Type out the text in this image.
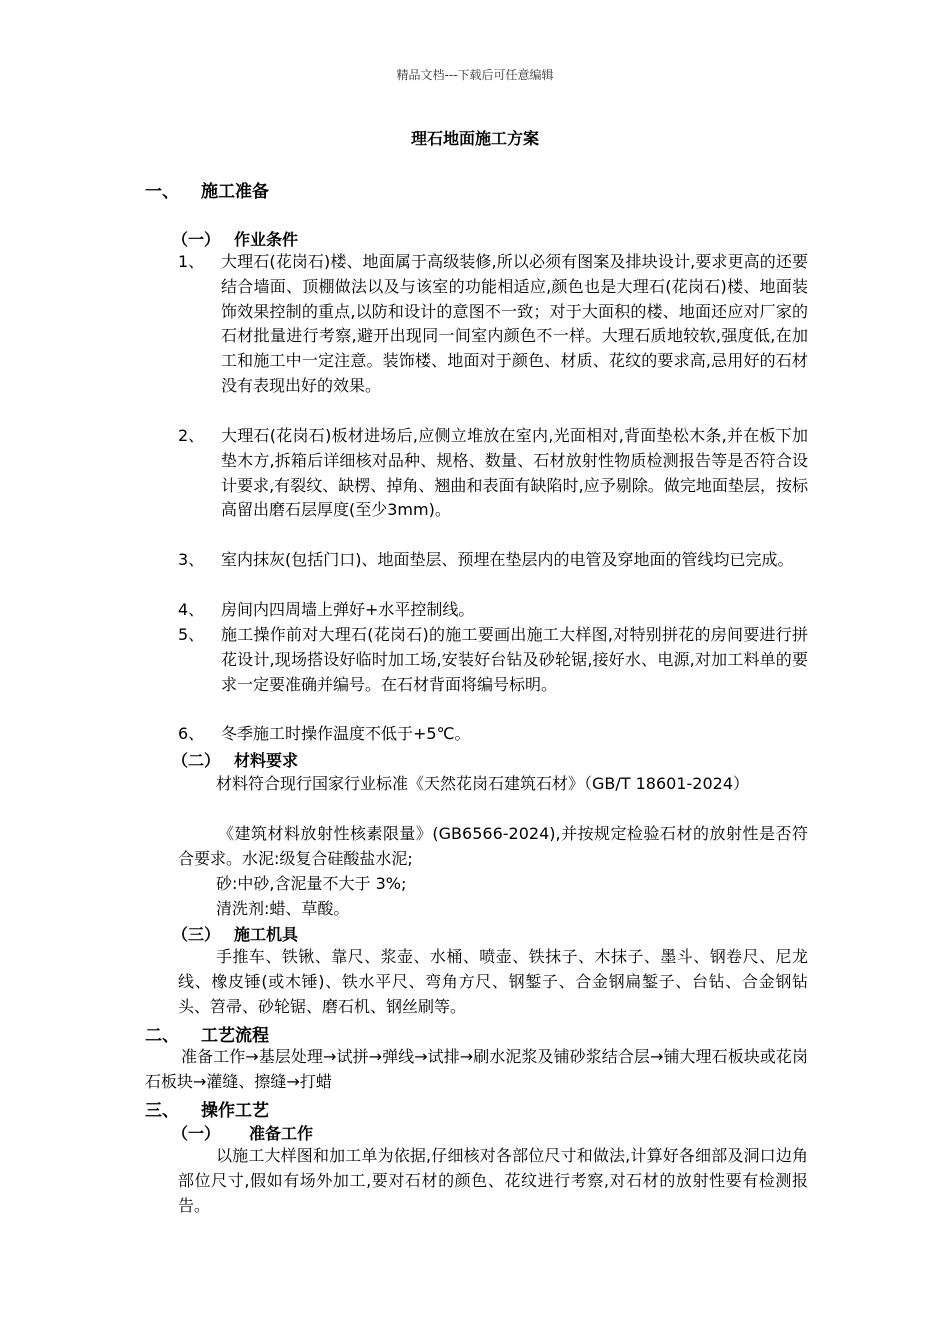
精品文档---下载后可任意编辑
理石地面施工方案
一、 施工准备
（一） 作业条件
1、	大理石(花岗石)楼、地面属于高级装修,所以必须有图案及排块设计,要求更高的还要结合墙面、顶棚做法以及与该室的功能相适应,颜色也是大理石(花岗石)楼、地面装饰效果控制的重点,以防和设计的意图不一致；对于大面积的楼、地面还应对厂家的石材批量进行考察,避开出现同一间室内颜色不一样。大理石质地较软,强度低,在加工和施工中一定注意。装饰楼、地面对于颜色、材质、花纹的要求高,忌用好的石材没有表现出好的效果。
2、	大理石(花岗石)板材进场后,应侧立堆放在室内,光面相对,背面垫松木条,并在板下加垫木方,拆箱后详细核对品种、规格、数量、石材放射性物质检测报告等是否符合设计要求,有裂纹、缺楞、掉角、翘曲和表面有缺陷时,应予剔除。做完地面垫层，按标高留出磨石层厚度(至少3mm)。
3、	室内抹灰(包括门口)、地面垫层、预埋在垫层内的电管及穿地面的管线均已完成。
4、	房间内四周墙上弹好+水平控制线。
5、	施工操作前对大理石(花岗石)的施工要画出施工大样图,对特别拼花的房间要进行拼花设计,现场搭设好临时加工场,安装好台钻及砂轮锯,接好水、电源,对加工料单的要求一定要准确并编号。在石材背面将编号标明。
6、	冬季施工时操作温度不低于+5℃。
（二） 材料要求
材料符合现行国家行业标准《天然花岗石建筑石材》（GB/T 18601-2024）
《建筑材料放射性核素限量》(GB6566-2024),并按规定检验石材的放射性是否符合要求。水泥:级复合硅酸盐水泥;
砂:中砂,含泥量不大于 3%;
清洗剂:蜡、草酸。
（三） 施工机具
手推车、铁锹、靠尺、浆壶、水桶、喷壶、铁抹子、木抹子、墨斗、钢卷尺、尼龙线、橡皮锤(或木锤)、铁水平尺、弯角方尺、钢錾子、合金钢扁錾子、台钻、合金钢钻头、笤帚、砂轮锯、磨石机、钢丝刷等。
二、 工艺流程
准备工作→基层处理→试拼→弹线→试排→刷水泥浆及铺砂浆结合层→铺大理石板块或花岗石板块→灌缝、擦缝→打蜡
三、 操作工艺
（一） 准备工作
以施工大样图和加工单为依据,仔细核对各部位尺寸和做法,计算好各细部及洞口边角部位尺寸,假如有场外加工,要对石材的颜色、花纹进行考察,对石材的放射性要有检测报告。
